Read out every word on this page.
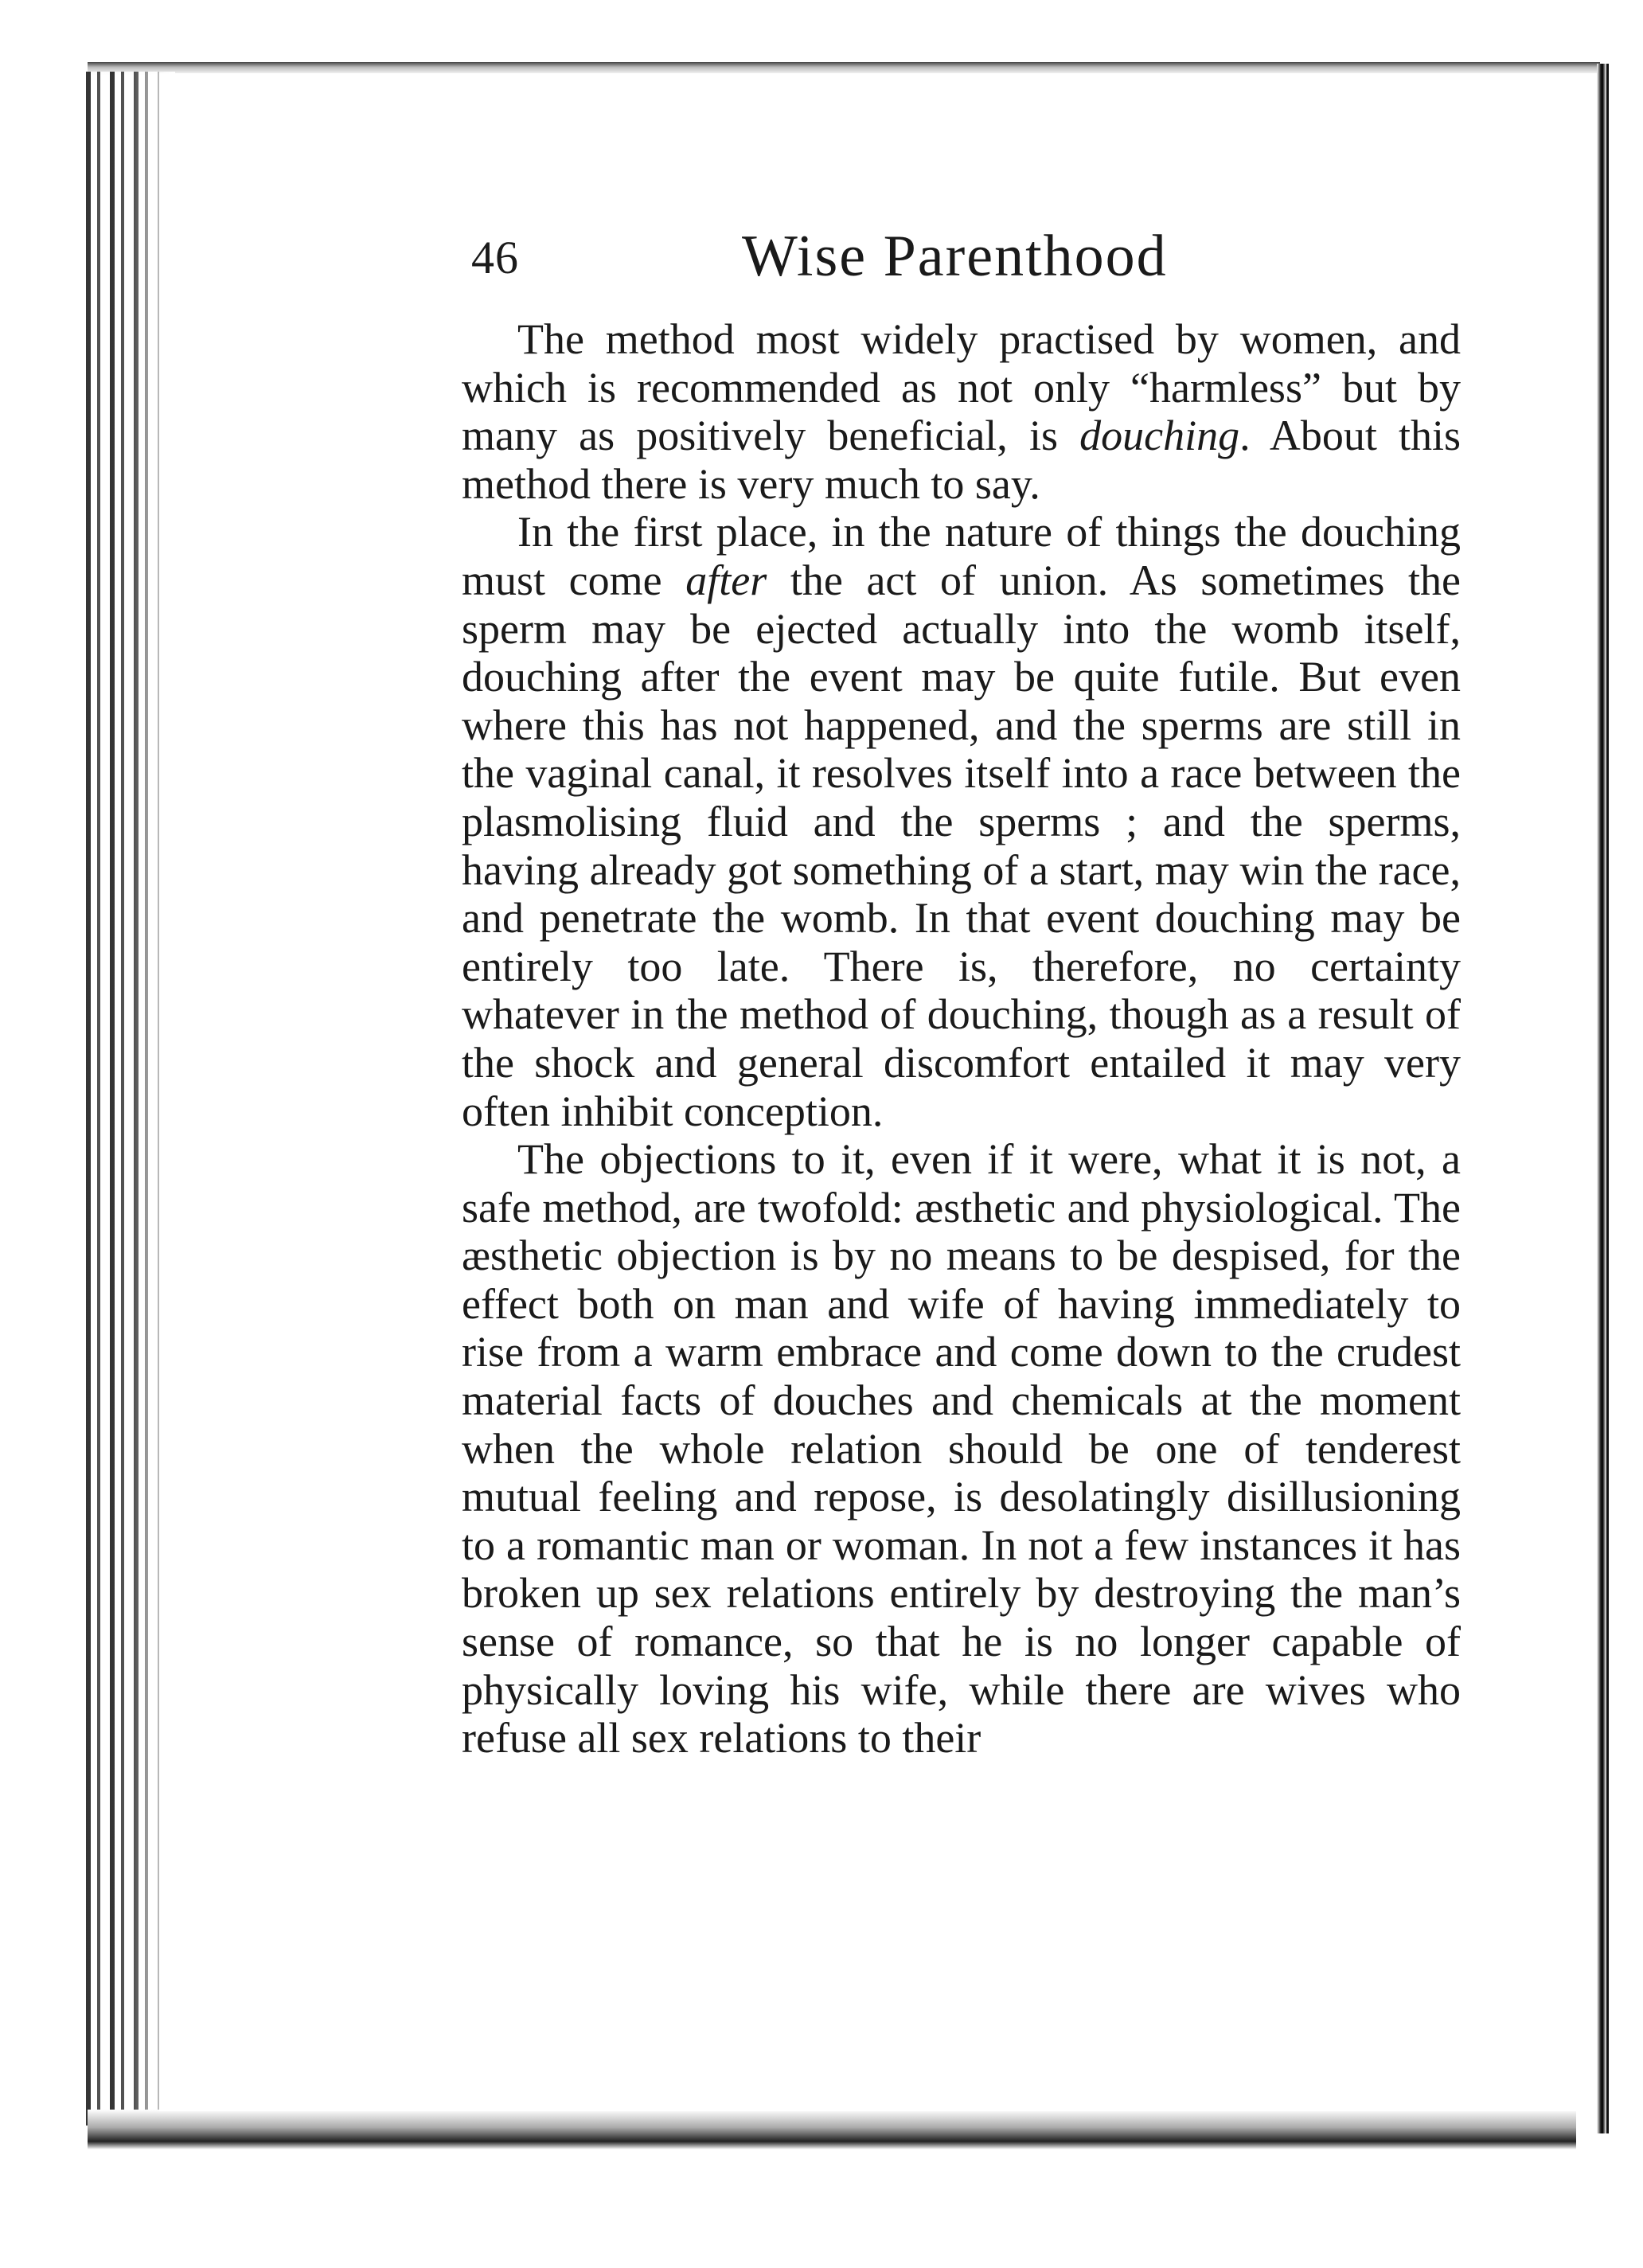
46	Wise Parenthood

The method most widely practised by women, and which is recommended as not only “harmless” but by many as positively beneficial, is douching. About this method there is very much to say.

In the first place, in the nature of things the douching must come after the act of union. As sometimes the sperm may be ejected actually into the womb itself, douching after the event may be quite futile. But even where this has not happened, and the sperms are still in the vaginal canal, it resolves itself into a race between the plasmolising fluid and the sperms ; and the sperms, having already got something of a start, may win the race, and penetrate the womb. In that event douching may be entirely too late. There is, therefore, no certainty whatever in the method of douching, though as a result of the shock and general discomfort entailed it may very often inhibit conception.

The objections to it, even if it were, what it is not, a safe method, are twofold: æsthetic and physiological. The æsthetic objection is by no means to be despised, for the effect both on man and wife of having immediately to rise from a warm embrace and come down to the crudest material facts of douches and chemicals at the moment when the whole relation should be one of tenderest mutual feeling and repose, is desolatingly disillusioning to a romantic man or woman. In not a few instances it has broken up sex relations entirely by destroying the man’s sense of romance, so that he is no longer capable of physically loving his wife, while there are wives who refuse all sex relations to their
